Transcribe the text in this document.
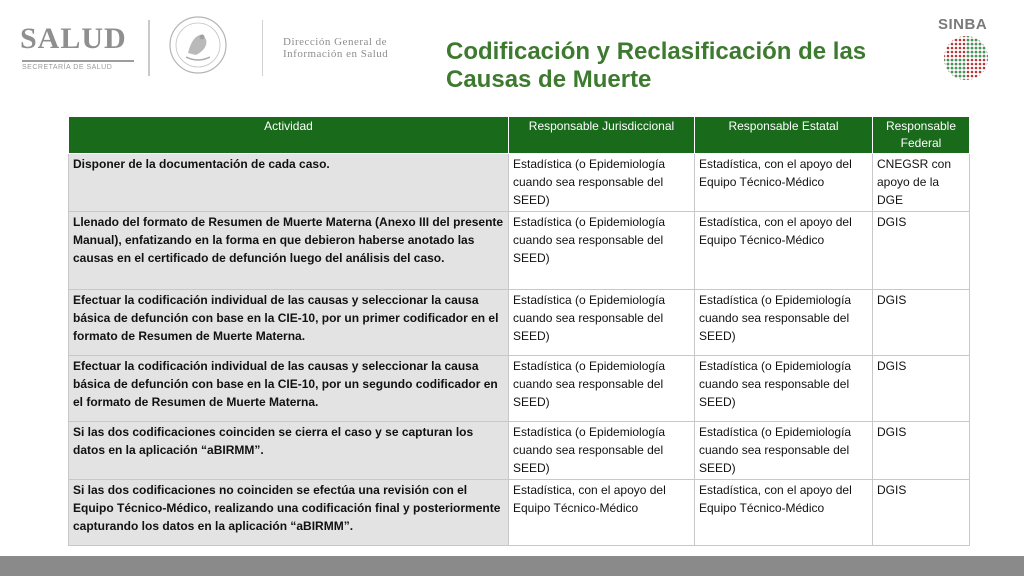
SALUD
SECRETARÍA DE SALUD
Dirección General de
Información en Salud Codificación y Reclasificación de las Causas de Muerte
SINBA
Actividad	Responsable Jurisdiccional	Responsable Estatal	Responsable Federal
Disponer de la documentación de cada caso.	Estadística (o Epidemiología cuando sea responsable del SEED)	Estadística, con el apoyo del Equipo Técnico-Médico	CNEGSR con apoyo de la DGE
Llenado del formato de Resumen de Muerte Materna (Anexo III del presente Manual), enfatizando en la forma en que debieron haberse anotado las causas en el certificado de defunción luego del análisis del caso.	Estadística (o Epidemiología cuando sea responsable del SEED)	Estadística, con el apoyo del Equipo Técnico-Médico	DGIS
Efectuar la codificación individual de las causas y seleccionar la causa básica de defunción con base en la CIE-10, por un primer codificador en el formato de Resumen de Muerte Materna.	Estadística (o Epidemiología cuando sea responsable del SEED)	Estadística (o Epidemiología cuando sea responsable del SEED)	DGIS
Efectuar la codificación individual de las causas y seleccionar la causa básica de defunción con base en la CIE-10, por un segundo codificador en el formato de Resumen de Muerte Materna.	Estadística (o Epidemiología cuando sea responsable del SEED)	Estadística (o Epidemiología cuando sea responsable del SEED)	DGIS
Si las dos codificaciones coinciden se cierra el caso y se capturan los datos en la aplicación “aBIRMM”.	Estadística (o Epidemiología cuando sea responsable del SEED)	Estadística (o Epidemiología cuando sea responsable del SEED)	DGIS
Si las dos codificaciones no coinciden se efectúa una revisión con el Equipo Técnico-Médico, realizando una codificación final y posteriormente capturando los datos en la aplicación “aBIRMM”.	Estadística, con el apoyo del Equipo Técnico-Médico	Estadística, con el apoyo del Equipo Técnico-Médico	DGIS
